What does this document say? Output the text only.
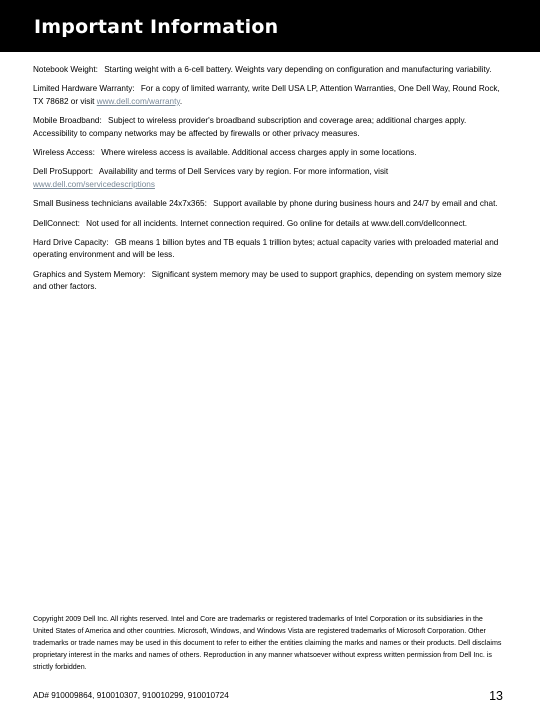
Important Information

Notebook Weight: Starting weight with a 6-cell battery. Weights vary depending on configuration and manufacturing variability.

Limited Hardware Warranty: For a copy of limited warranty, write Dell USA LP, Attention Warranties, One Dell Way, Round Rock, TX 78682 or visit www.dell.com/warranty.

Mobile Broadband: Subject to wireless provider's broadband subscription and coverage area; additional charges apply. Accessibility to company networks may be affected by firewalls or other privacy measures.

Wireless Access: Where wireless access is available. Additional access charges apply in some locations.

Dell ProSupport: Availability and terms of Dell Services vary by region. For more information, visit www.dell.com/servicedescriptions

Small Business technicians available 24x7x365: Support available by phone during business hours and 24/7 by email and chat.

DellConnect: Not used for all incidents. Internet connection required. Go online for details at www.dell.com/dellconnect.

Hard Drive Capacity: GB means 1 billion bytes and TB equals 1 trillion bytes; actual capacity varies with preloaded material and operating environment and will be less.

Graphics and System Memory: Significant system memory may be used to support graphics, depending on system memory size and other factors.

Copyright 2009 Dell Inc. All rights reserved. Intel and Core are trademarks or registered trademarks of Intel Corporation or its subsidiaries in the United States of America and other countries. Microsoft, Windows, and Windows Vista are registered trademarks of Microsoft Corporation. Other trademarks or trade names may be used in this document to refer to either the entities claiming the marks and names or their products. Dell disclaims proprietary interest in the marks and names of others. Reproduction in any manner whatsoever without express written permission from Dell Inc. is strictly forbidden.
AD# 910009864, 910010307, 910010299, 910010724	13
